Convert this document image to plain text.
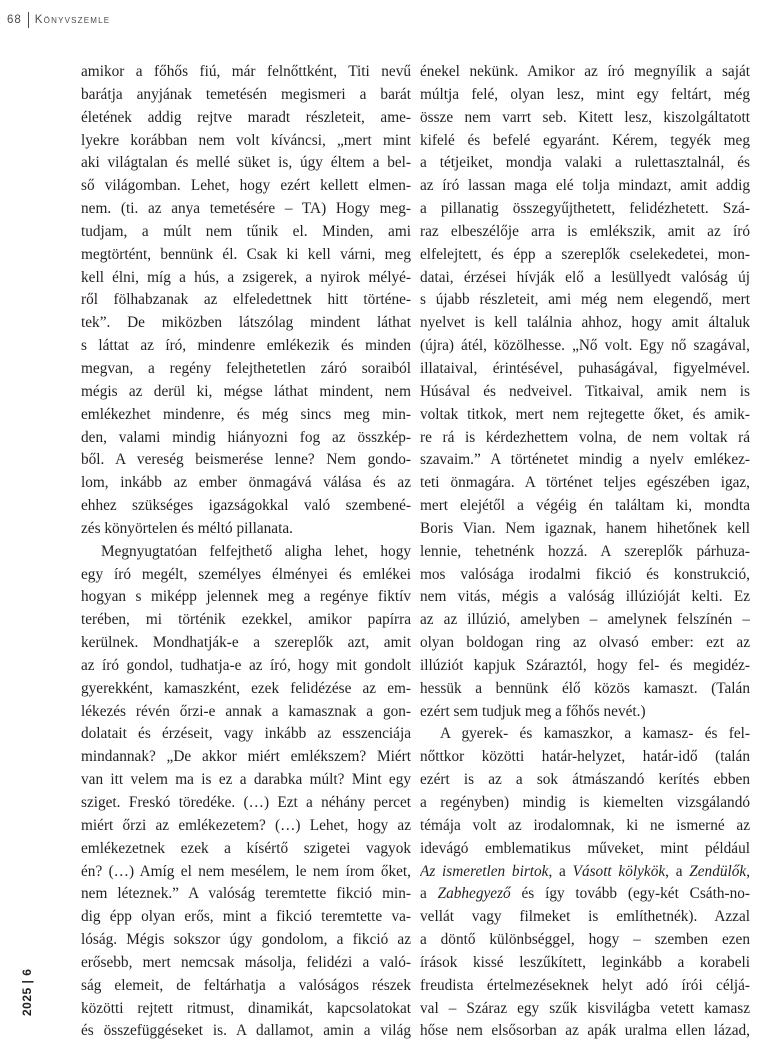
68 Könyvszemle
amikor a főhős fiú, már felnőttként, Titi nevű
barátja anyjának temetésén megismeri a barát
életének addig rejtve maradt részleteit, ame-
lyekre korábban nem volt kíváncsi, „mert mint
aki világtalan és mellé süket is, úgy éltem a bel-
ső világomban. Lehet, hogy ezért kellett elmen-
nem. (ti. az anya temetésére – TA) Hogy meg-
tudjam, a múlt nem tűnik el. Minden, ami
megtörtént, bennünk él. Csak ki kell várni, meg
kell élni, míg a hús, a zsigerek, a nyirok mélyé-
ről fölhabzanak az elfeledettnek hitt történe-
tek”. De miközben látszólag mindent láthat
s láttat az író, mindenre emlékezik és minden
megvan, a regény felejthetetlen záró soraiból
mégis az derül ki, mégse láthat mindent, nem
emlékezhet mindenre, és még sincs meg min-
den, valami mindig hiányozni fog az összkép-
ből. A vereség beismerése lenne? Nem gondo-
lom, inkább az ember önmagává válása és az
ehhez szükséges igazságokkal való szembené-
zés könyörtelen és méltó pillanata.
Megnyugtatóan felfejthető aligha lehet, hogy
egy író megélt, személyes élményei és emlékei
hogyan s miképp jelennek meg a regénye fiktív
terében, mi történik ezekkel, amikor papírra
kerülnek. Mondhatják-e a szereplők azt, amit
az író gondol, tudhatja-e az író, hogy mit gondolt
gyerekként, kamaszként, ezek felidézése az em-
lékezés révén őrzi-e annak a kamasznak a gon-
dolatait és érzéseit, vagy inkább az esszenciája
mindannak? „De akkor miért emlékszem? Miért
van itt velem ma is ez a darabka múlt? Mint egy
sziget. Freskó töredéke. (…) Ezt a néhány percet
miért őrzi az emlékezetem? (…) Lehet, hogy az
emlékezetnek ezek a kísértő szigetei vagyok
én? (…) Amíg el nem mesélem, le nem írom őket,
nem léteznek.” A valóság teremtette fikció min-
dig épp olyan erős, mint a fikció teremtette va-
lóság. Mégis sokszor úgy gondolom, a fikció az
erősebb, mert nemcsak másolja, felidézi a való-
ság elemeit, de feltárhatja a valóságos részek
közötti rejtett ritmust, dinamikát, kapcsolatokat
és összefüggéseket is. A dallamot, amin a világ
énekel nekünk. Amikor az író megnyílik a saját
múltja felé, olyan lesz, mint egy feltárt, még
össze nem varrt seb. Kitett lesz, kiszolgáltatott
kifelé és befelé egyaránt. Kérem, tegyék meg
a tétjeiket, mondja valaki a rulettasztalnál, és
az író lassan maga elé tolja mindazt, amit addig
a pillanatig összegyűjthetett, felidézhetett. Szá-
raz elbeszélője arra is emlékszik, amit az író
elfelejtett, és épp a szereplők cselekedetei, mon-
datai, érzései hívják elő a lesüllyedt valóság új
s újabb részleteit, ami még nem elegendő, mert
nyelvet is kell találnia ahhoz, hogy amit általuk
(újra) átél, közölhesse. „Nő volt. Egy nő szagával,
illataival, érintésével, puhaságával, figyelmével.
Húsával és nedveivel. Titkaival, amik nem is
voltak titkok, mert nem rejtegette őket, és amik-
re rá is kérdezhettem volna, de nem voltak rá
szavaim.” A történetet mindig a nyelv emlékez-
teti önmagára. A történet teljes egészében igaz,
mert elejétől a végéig én találtam ki, mondta
Boris Vian. Nem igaznak, hanem hihetőnek kell
lennie, tehetnénk hozzá. A szereplők párhuza-
mos valósága irodalmi fikció és konstrukció,
nem vitás, mégis a valóság illúzióját kelti. Ez
az az illúzió, amelyben – amelynek felszínén –
olyan boldogan ring az olvasó ember: ezt az
illúziót kapjuk Száraztól, hogy fel- és megidéz-
hessük a bennünk élő közös kamaszt. (Talán
ezért sem tudjuk meg a főhős nevét.)
A gyerek- és kamaszkor, a kamasz- és fel-
nőttkor közötti határ-helyzet, határ-idő (talán
ezért is az a sok átmászandó kerítés ebben
a regényben) mindig is kiemelten vizsgálandó
témája volt az irodalomnak, ki ne ismerné az
idevágó emblematikus műveket, mint például
Az ismeretlen birtok, a Vásott kölykök, a Zendülők,
a Zabhegyező és így tovább (egy-két Csáth-no-
vellát vagy filmeket is említhetnék). Azzal
a döntő különbséggel, hogy – szemben ezen
írások kissé leszűkített, leginkább a korabeli
freudista értelmezéseknek helyt adó írói céljá-
val – Száraz egy szűk kisvilágba vetett kamasz
hőse nem elsősorban az apák uralma ellen lázad,
2025 | 6
